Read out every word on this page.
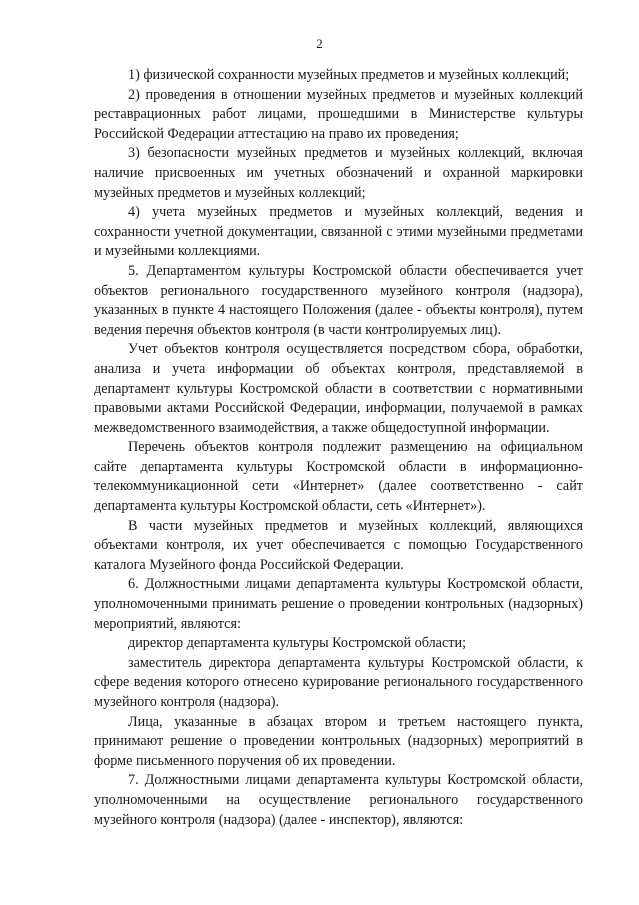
2

1) физической сохранности музейных предметов и музейных коллекций;

2) проведения в отношении музейных предметов и музейных коллекций реставрационных работ лицами, прошедшими в Министерстве культуры Российской Федерации аттестацию на право их проведения;

3) безопасности музейных предметов и музейных коллекций, включая наличие присвоенных им учетных обозначений и охранной маркировки музейных предметов и музейных коллекций;

4) учета музейных предметов и музейных коллекций, ведения и сохранности учетной документации, связанной с этими музейными предметами и музейными коллекциями.

5. Департаментом культуры Костромской области обеспечивается учет объектов регионального государственного музейного контроля (надзора), указанных в пункте 4 настоящего Положения (далее - объекты контроля), путем ведения перечня объектов контроля (в части контролируемых лиц).

Учет объектов контроля осуществляется посредством сбора, обработки, анализа и учета информации об объектах контроля, представляемой в департамент культуры Костромской области в соответствии с нормативными правовыми актами Российской Федерации, информации, получаемой в рамках межведомственного взаимодействия, а также общедоступной информации.

Перечень объектов контроля подлежит размещению на официальном сайте департамента культуры Костромской области в информационно-телекоммуникационной сети «Интернет» (далее соответственно - сайт департамента культуры Костромской области, сеть «Интернет»).

В части музейных предметов и музейных коллекций, являющихся объектами контроля, их учет обеспечивается с помощью Государственного каталога Музейного фонда Российской Федерации.

6. Должностными лицами департамента культуры Костромской области, уполномоченными принимать решение о проведении контрольных (надзорных) мероприятий, являются:

директор департамента культуры Костромской области;

заместитель директора департамента культуры Костромской области, к сфере ведения которого отнесено курирование регионального государственного музейного контроля (надзора).

Лица, указанные в абзацах втором и третьем настоящего пункта, принимают решение о проведении контрольных (надзорных) мероприятий в форме письменного поручения об их проведении.

7. Должностными лицами департамента культуры Костромской области, уполномоченными на осуществление регионального государственного музейного контроля (надзора) (далее - инспектор), являются:
